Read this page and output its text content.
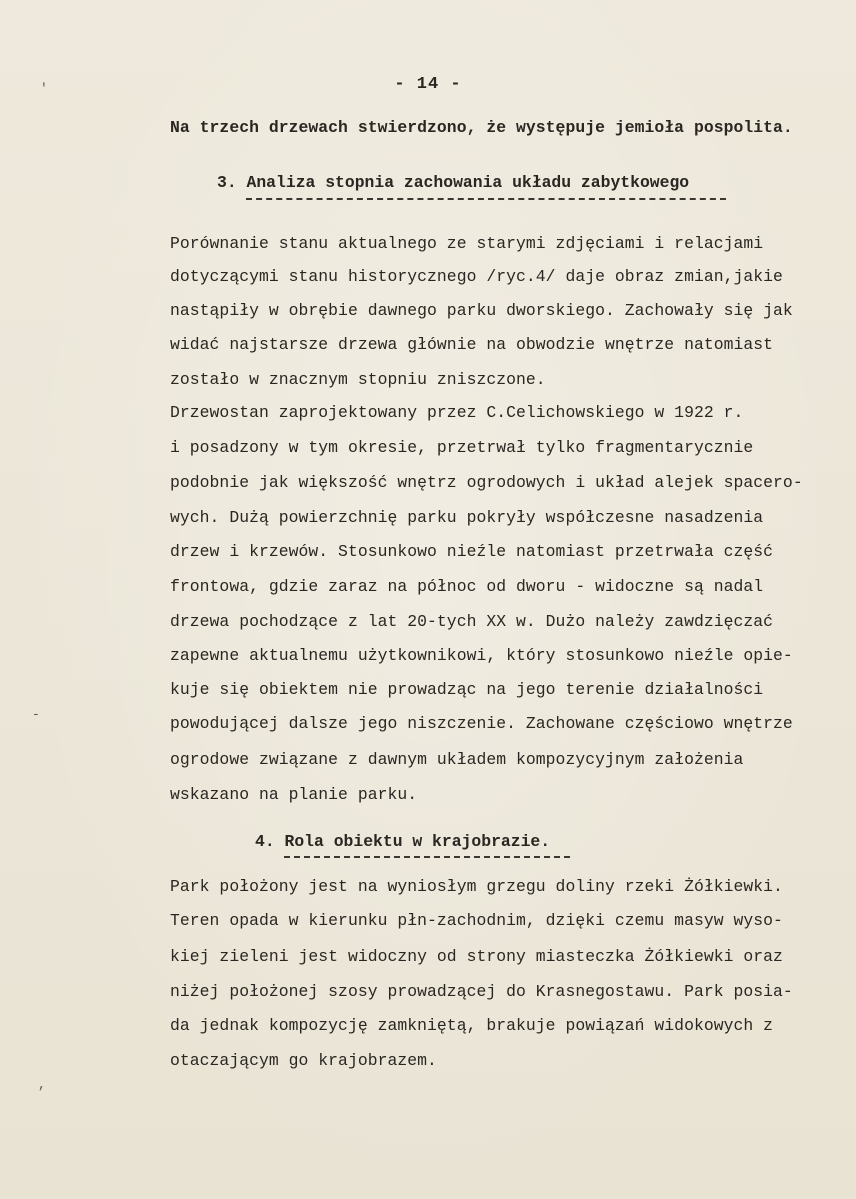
'
-
,
- 14 -
Na trzech drzewach stwierdzono, że występuje jemioła pospolita.
3. Analiza stopnia zachowania układu zabytkowego
Porównanie stanu aktualnego ze starymi zdjęciami i relacjami
dotyczącymi stanu historycznego /ryc.4/ daje obraz zmian,jakie
nastąpiły w obrębie dawnego parku dworskiego. Zachowały się jak
widać najstarsze drzewa głównie na obwodzie wnętrze natomiast
zostało w znacznym stopniu zniszczone.
Drzewostan zaprojektowany przez C.Celichowskiego w 1922 r.
i posadzony w tym okresie, przetrwał tylko fragmentarycznie
podobnie jak większość wnętrz ogrodowych i układ alejek spacero-
wych. Dużą powierzchnię parku pokryły współczesne nasadzenia
drzew i krzewów. Stosunkowo nieźle natomiast przetrwała część
frontowa, gdzie zaraz na północ od dworu - widoczne są nadal
drzewa pochodzące z lat 20-tych XX w. Dużo należy zawdzięczać
zapewne aktualnemu użytkownikowi, który stosunkowo nieźle opie-
kuje się obiektem nie prowadząc na jego terenie działalności
powodującej dalsze jego niszczenie. Zachowane częściowo wnętrze
ogrodowe związane z dawnym układem kompozycyjnym założenia
wskazano na planie parku.
4. Rola obiektu w krajobrazie.
Park położony jest na wyniosłym grzegu doliny rzeki Żółkiewki.
Teren opada w kierunku płn-zachodnim, dzięki czemu masyw wyso-
kiej zieleni jest widoczny od strony miasteczka Żółkiewki oraz
niżej położonej szosy prowadzącej do Krasnegostawu. Park posia-
da jednak kompozycję zamkniętą, brakuje powiązań widokowych z
otaczającym go krajobrazem.
